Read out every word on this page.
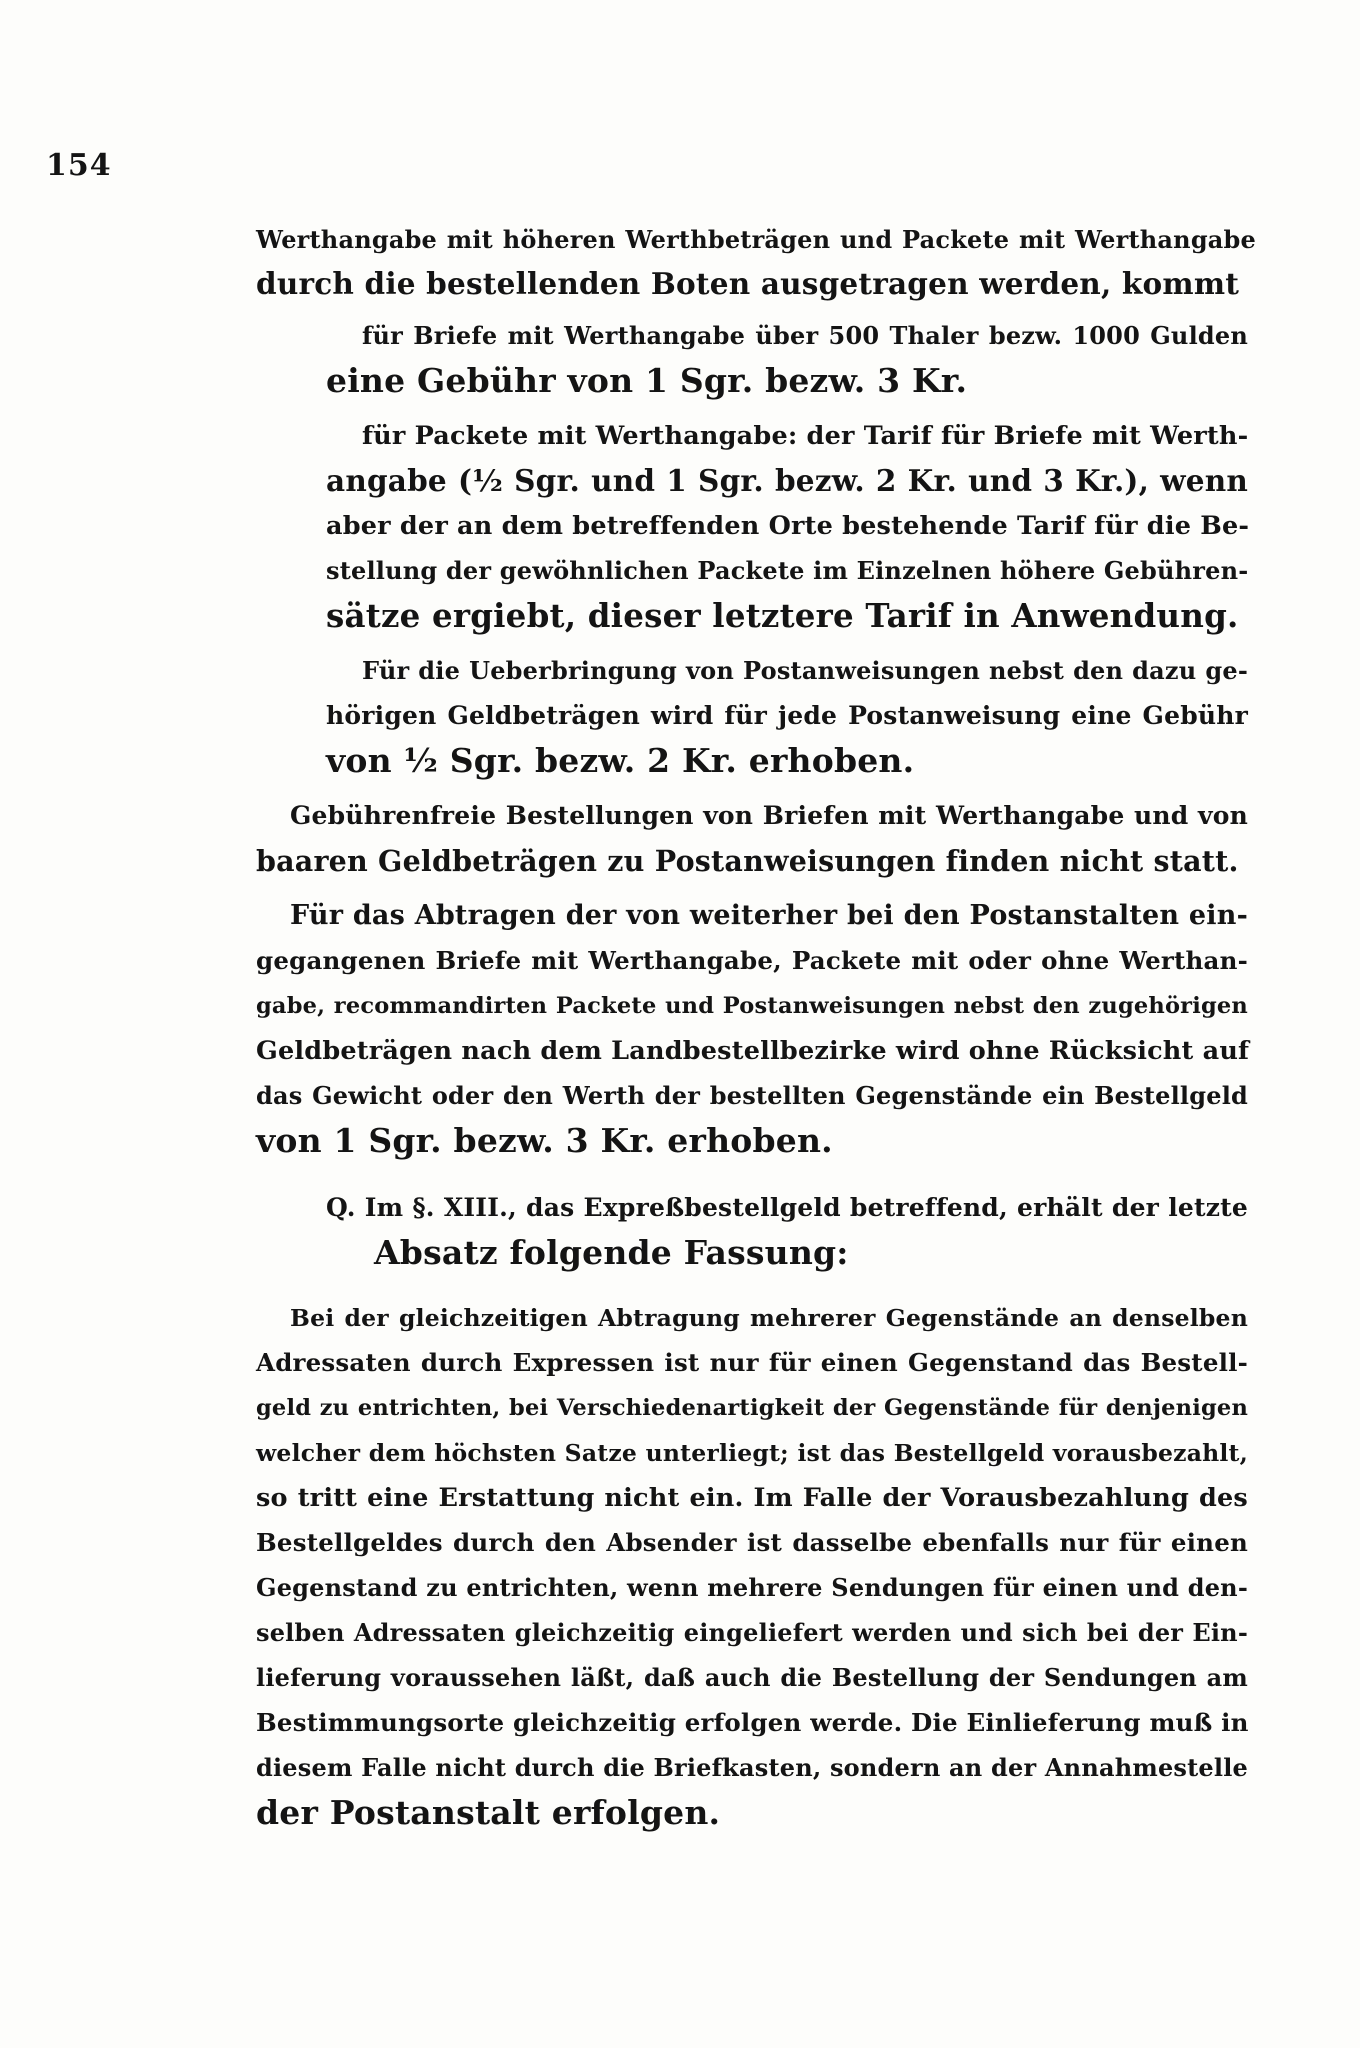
154
Werthangabe mit höheren Werthbeträgen und Packete mit Werthangabe
durch die bestellenden Boten ausgetragen werden, kommt
für Briefe mit Werthangabe über 500 Thaler bezw. 1000 Gulden
eine Gebühr von 1 Sgr. bezw. 3 Kr.
für Packete mit Werthangabe: der Tarif für Briefe mit Werth-
angabe (½ Sgr. und 1 Sgr. bezw. 2 Kr. und 3 Kr.), wenn
aber der an dem betreffenden Orte bestehende Tarif für die Be-
stellung der gewöhnlichen Packete im Einzelnen höhere Gebühren-
sätze ergiebt, dieser letztere Tarif in Anwendung.
Für die Ueberbringung von Postanweisungen nebst den dazu ge-
hörigen Geldbeträgen wird für jede Postanweisung eine Gebühr
von ½ Sgr. bezw. 2 Kr. erhoben.
Gebührenfreie Bestellungen von Briefen mit Werthangabe und von
baaren Geldbeträgen zu Postanweisungen finden nicht statt.
Für das Abtragen der von weiterher bei den Postanstalten ein-
gegangenen Briefe mit Werthangabe, Packete mit oder ohne Werthan-
gabe, recommandirten Packete und Postanweisungen nebst den zugehörigen
Geldbeträgen nach dem Landbestellbezirke wird ohne Rücksicht auf
das Gewicht oder den Werth der bestellten Gegenstände ein Bestellgeld
von 1 Sgr. bezw. 3 Kr. erhoben.
Q. Im §. XIII., das Expreßbestellgeld betreffend, erhält der letzte
Absatz folgende Fassung:
Bei der gleichzeitigen Abtragung mehrerer Gegenstände an denselben
Adressaten durch Expressen ist nur für einen Gegenstand das Bestell-
geld zu entrichten, bei Verschiedenartigkeit der Gegenstände für denjenigen
welcher dem höchsten Satze unterliegt; ist das Bestellgeld vorausbezahlt,
so tritt eine Erstattung nicht ein. Im Falle der Vorausbezahlung des
Bestellgeldes durch den Absender ist dasselbe ebenfalls nur für einen
Gegenstand zu entrichten, wenn mehrere Sendungen für einen und den-
selben Adressaten gleichzeitig eingeliefert werden und sich bei der Ein-
lieferung voraussehen läßt, daß auch die Bestellung der Sendungen am
Bestimmungsorte gleichzeitig erfolgen werde. Die Einlieferung muß in
diesem Falle nicht durch die Briefkasten, sondern an der Annahmestelle
der Postanstalt erfolgen.
